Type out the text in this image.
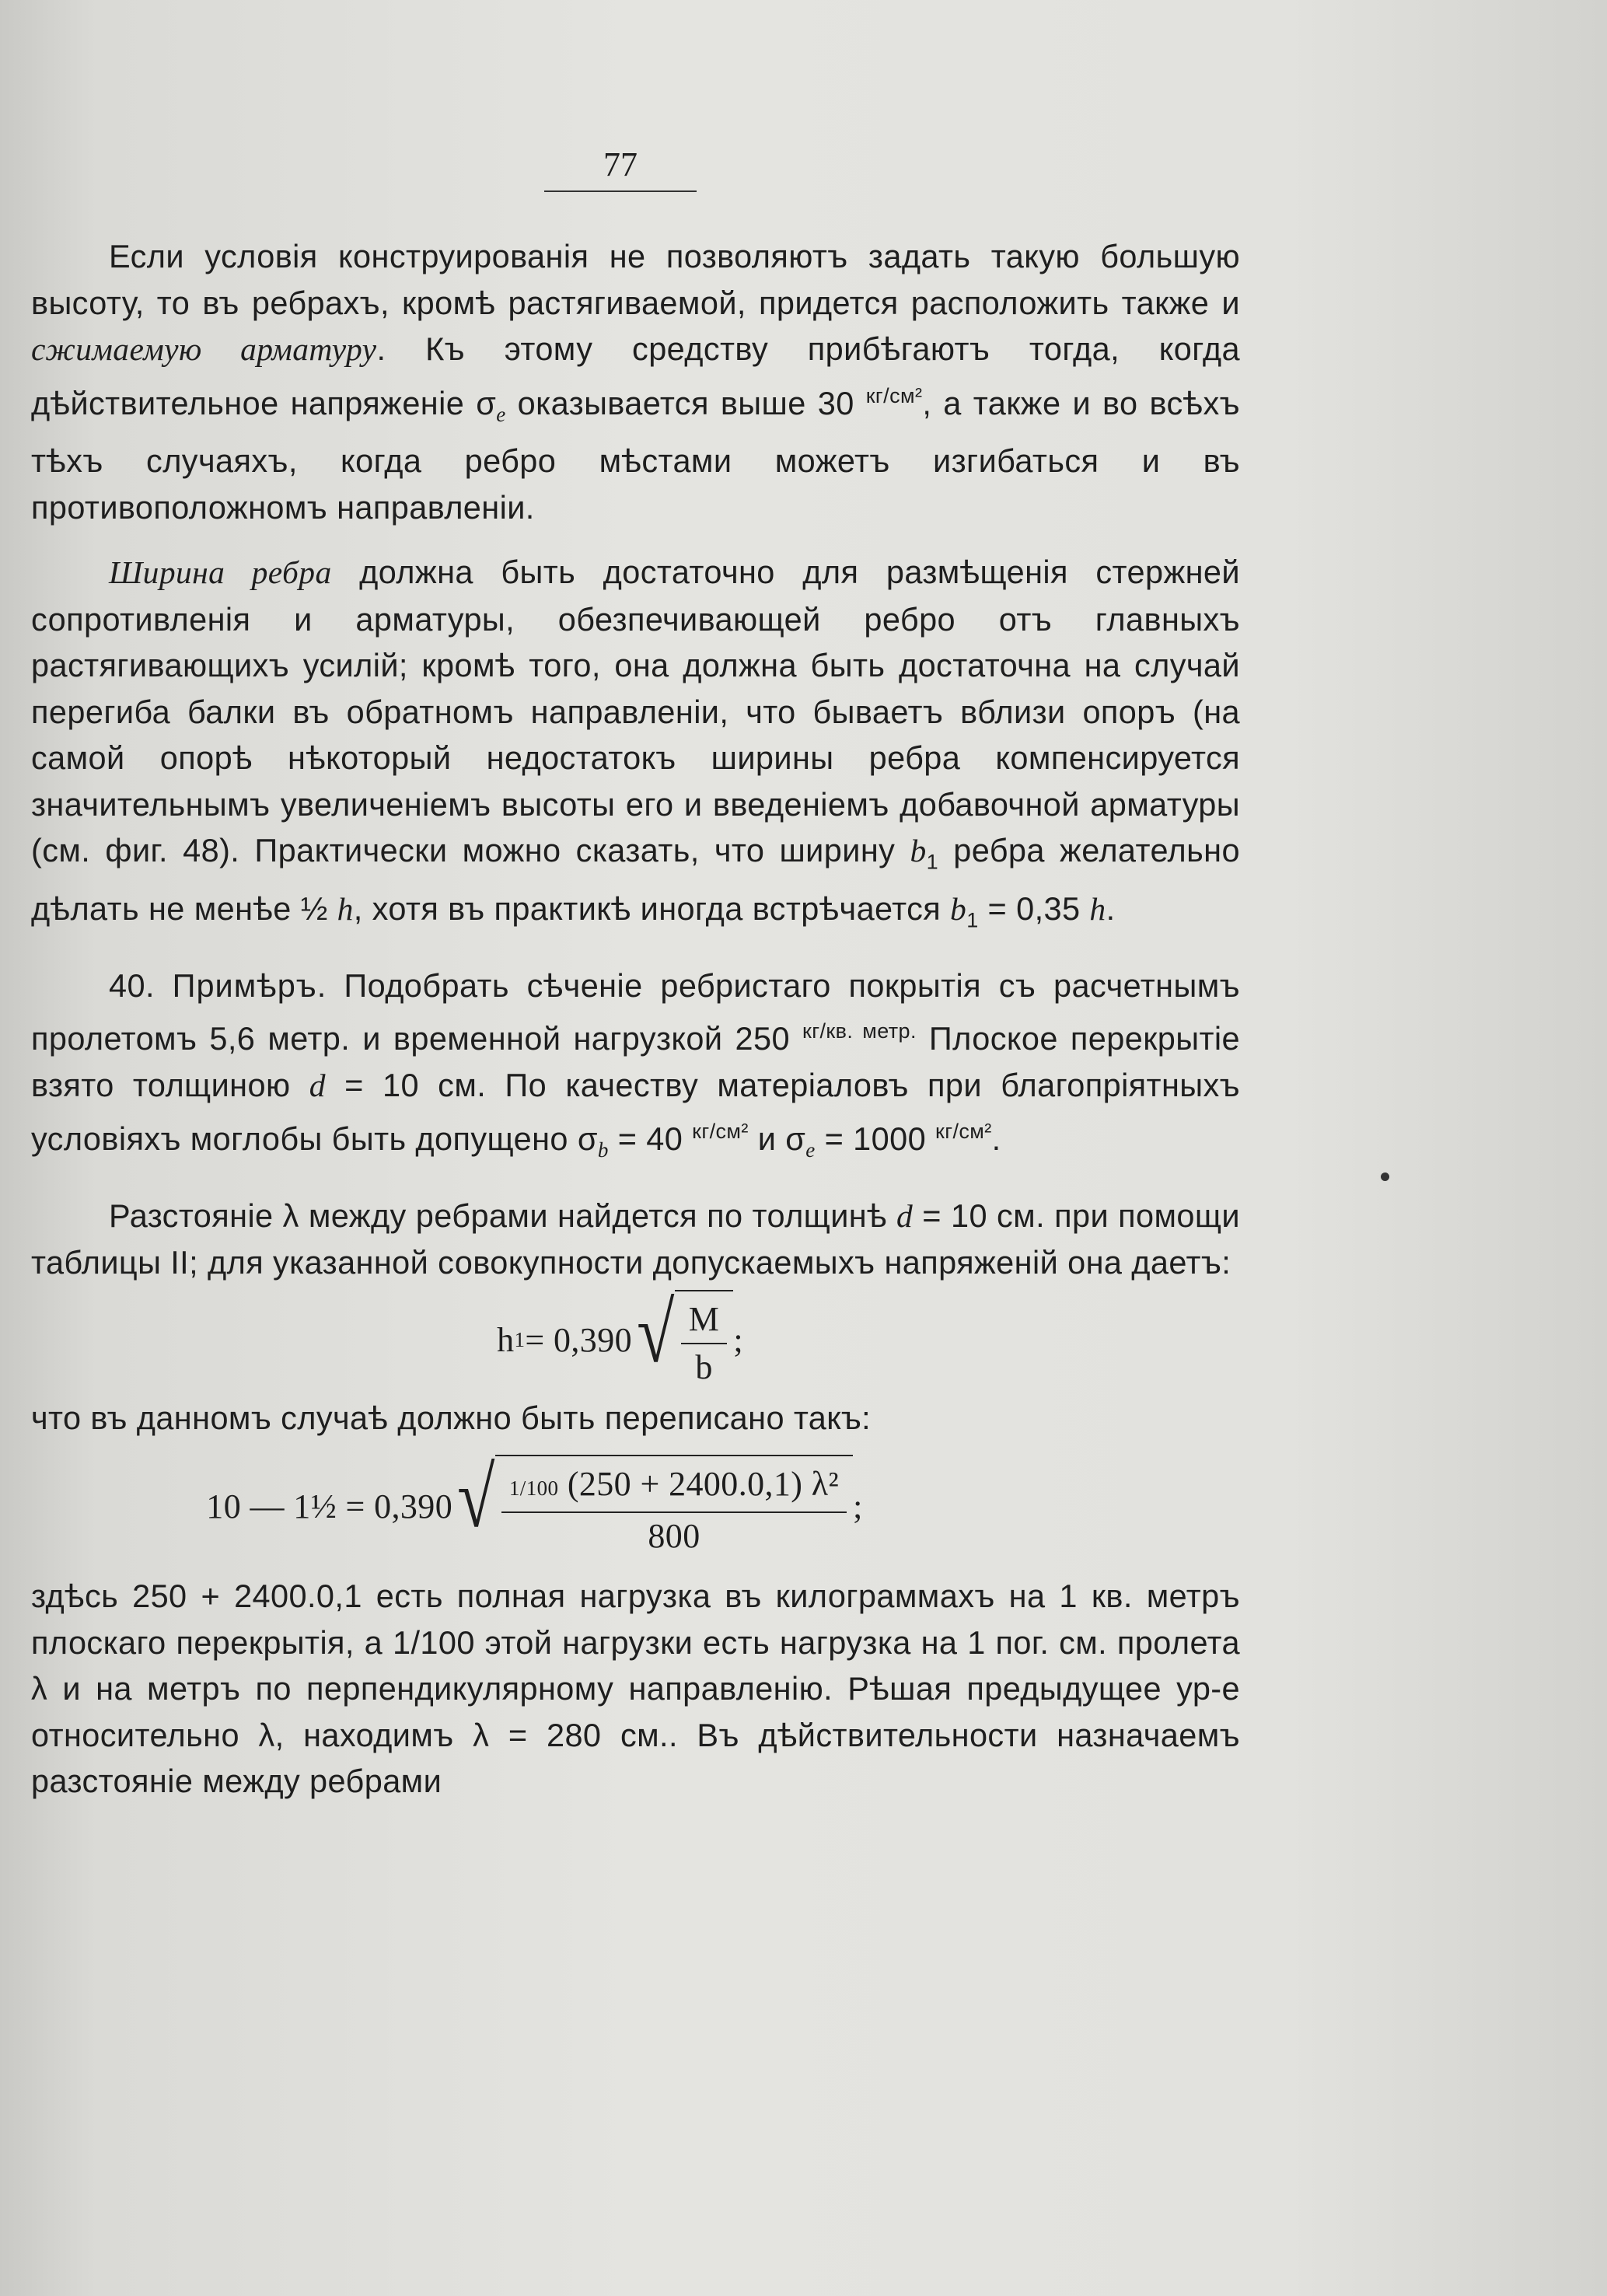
77
Если условія конструированія не позволяютъ задать такую большую высоту, то въ ребрахъ, кромѣ растягиваемой, придется расположить также и сжимаемую арматуру. Къ этому средству прибѣгаютъ тогда, когда дѣйствительное напряженіе $\sigma_e$ оказывается выше 30 $^{кг/см^2}$, а также и во всѣхъ тѣхъ случаяхъ, когда ребро мѣстами можетъ изгибаться и въ противоположномъ направленіи.
Ширина ребра должна быть достаточно для размѣщенія стержней сопротивленія и арматуры, обезпечивающей ребро отъ главныхъ растягивающихъ усилій; кромѣ того, она должна быть достаточна на случай перегиба балки въ обратномъ направленіи, что бываетъ вблизи опоръ (на самой опорѣ нѣкоторый недостатокъ ширины ребра компенсируется значительнымъ увеличеніемъ высоты его и введеніемъ добавочной арматуры (см. фиг. 48). Практически можно сказать, что ширину $b_1$ ребра желательно дѣлать не менѣе ½ h, хотя въ практикѣ иногда встрѣчается $b_1 = 0,35$ h.
40. Примѣръ. Подобрать сѣченіе ребристаго покрытія съ расчетнымъ пролетомъ 5,6 метр. и временной нагрузкой 250 $^{кг/кв. метр.}$ Плоское перекрытіе взято толщиною d = 10 см. По качеству матеріаловъ при благопріятныхъ условіяхъ моглобы быть допущено $\sigma_b = 40$ $^{кг/см^2}$ и $\sigma_e = 1000$ $^{кг/см^2}$.
Разстояніе λ между ребрами найдется по толщинѣ d = 10 см. при помощи таблицы II; для указанной совокупности допускаемыхъ напряженій она даетъ:
h 1 = 0,390 √ $\frac{M}{b}$ ;
что въ данномъ случаѣ должно быть переписано такъ:
10 — 1½ = 0,390 √ $\frac{\text{1/100 (250 + 2400.0,1) λ²}}{800}$ ;
здѣсь 250 + 2400.0,1 есть полная нагрузка въ килограммахъ на 1 кв. метръ плоскаго перекрытія, а 1/100 этой нагрузки есть нагрузка на 1 пог. см. пролета λ и на метръ по перпендикулярному направленію. Рѣшая предыдущее ур-е относительно λ, находимъ λ = 280 см.. Въ дѣйствительности назначаемъ разстояніе между ребрами
